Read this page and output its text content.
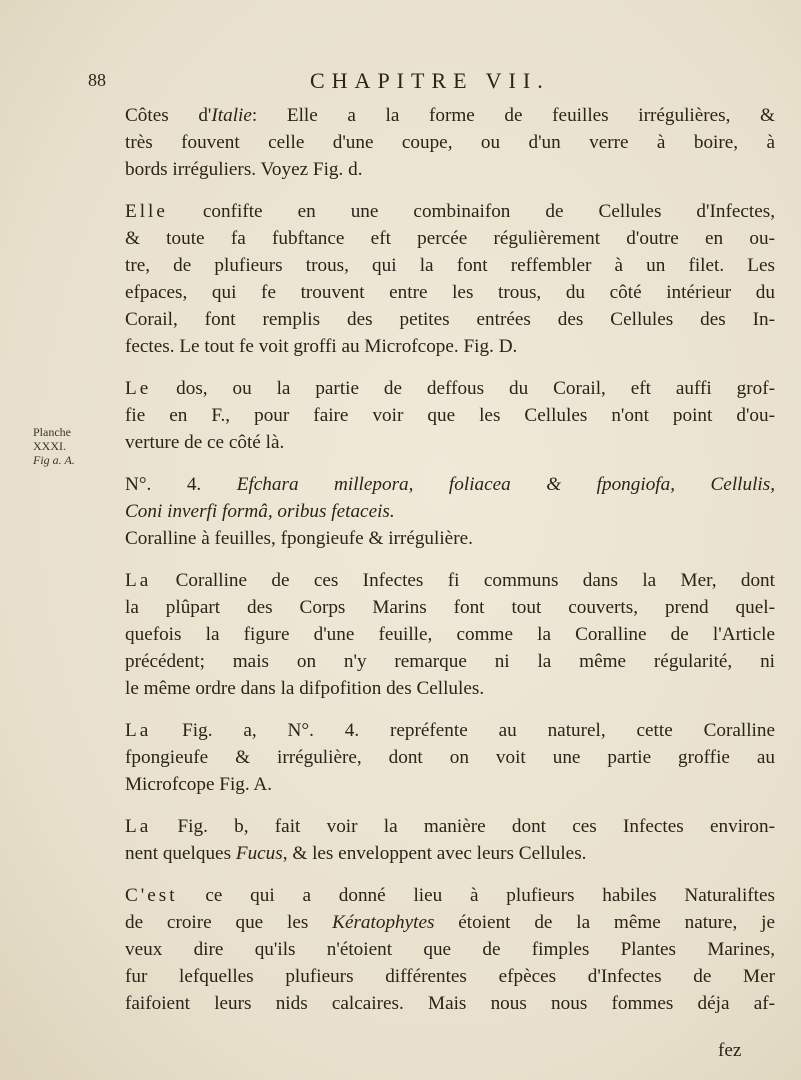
88	CHAPITRE VII.
Planche
XXXI.
Fig a. A.

Côtes d'Italie: Elle a la forme de feuilles irrégulières, &
très fouvent celle d'une coupe, ou d'un verre à boire, à
bords irréguliers. Voyez Fig. d.

Elle confifte en une combinaifon de Cellules d'Infectes,
& toute fa fubftance eft percée régulièrement d'outre en ou-
tre, de plufieurs trous, qui la font reffembler à un filet. Les
efpaces, qui fe trouvent entre les trous, du côté intérieur du
Corail, font remplis des petites entrées des Cellules des In-
fectes. Le tout fe voit groffi au Microfcope. Fig. D.

Le dos, ou la partie de deffous du Corail, eft auffi grof-
fie en F., pour faire voir que les Cellules n'ont point d'ou-
verture de ce côté là.

N°. 4. Efchara millepora, foliacea & fpongiofa, Cellulis,
Coni inverfi formâ, oribus fetaceis.
Coralline à feuilles, fpongieufe & irrégulière.

La Coralline de ces Infectes fi communs dans la Mer, dont
la plûpart des Corps Marins font tout couverts, prend quel-
quefois la figure d'une feuille, comme la Coralline de l'Article
précédent; mais on n'y remarque ni la même régularité, ni
le même ordre dans la difpofition des Cellules.

La Fig. a, N°. 4. repréfente au naturel, cette Coralline
fpongieufe & irrégulière, dont on voit une partie groffie au
Microfcope Fig. A.

La Fig. b, fait voir la manière dont ces Infectes environ-
nent quelques Fucus, & les enveloppent avec leurs Cellules.

C'est ce qui a donné lieu à plufieurs habiles Naturaliftes
de croire que les Kératophytes étoient de la même nature, je
veux dire qu'ils n'étoient que de fimples Plantes Marines,
fur lefquelles plufieurs différentes efpèces d'Infectes de Mer
faifoient leurs nids calcaires. Mais nous nous fommes déja af-

fez
